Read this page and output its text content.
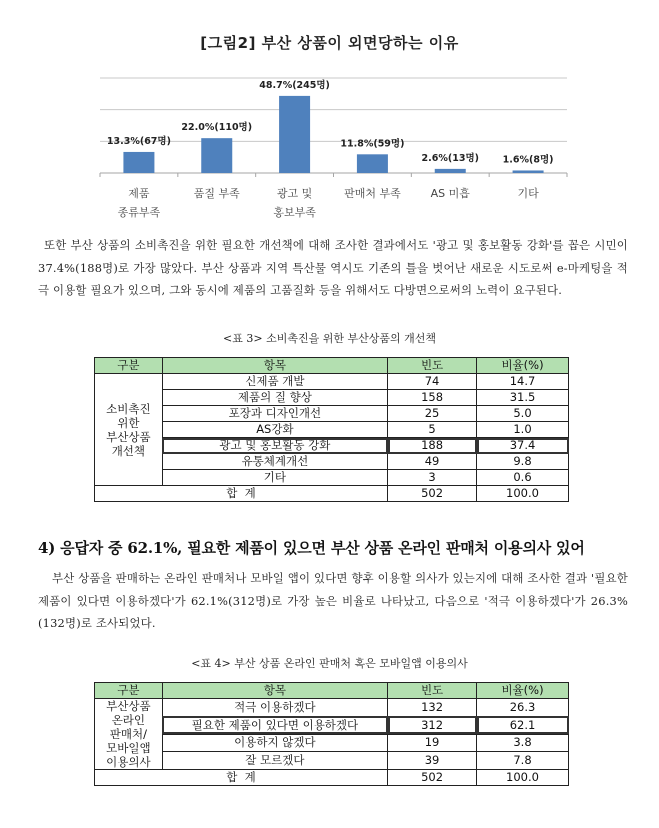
[그림2] 부산 상품이 외면당하는 이유
13.3%(67명)
제품
종류부족
22.0%(110명)
품질 부족
48.7%(245명)
광고 및
홍보부족
11.8%(59명)
판매처 부족
2.6%(13명)
AS 미흡
1.6%(8명)
기타
또한 부산 상품의 소비촉진을 위한 필요한 개선책에 대해 조사한 결과에서도 '광고 및 홍보활동 강화'를 꼽은 시민이 37.4%(188명)로 가장 많았다. 부산 상품과 지역 특산물 역시도 기존의 틀을 벗어난 새로운 시도로써 e-마케팅을 적극 이용할 필요가 있으며, 그와 동시에 제품의 고품질화 등을 위해서도 다방면으로써의 노력이 요구된다.
<표 3> 소비촉진을 위한 부산상품의 개선책
구분	항목	빈도	비율(%)

소비촉진
위한
부산상품
개선책	신제품 개발	74	14.7
	제품의 질 향상	158	31.5
	포장과 디자인개선	25	5.0
	AS강화	5	1.0
	광고 및 홍보활동 강화	188	37.4
	유통체계개선	49	9.8
	기타	3	0.6
합  계		502	100.0
4) 응답자 중 62.1%, 필요한 제품이 있으면 부산 상품 온라인 판매처 이용의사 있어
부산 상품을 판매하는 온라인 판매처나 모바일 앱이 있다면 향후 이용할 의사가 있는지에 대해 조사한 결과 '필요한 제품이 있다면 이용하겠다'가 62.1%(312명)로 가장 높은 비율로 나타났고, 다음으로 '적극 이용하겠다'가 26.3%(132명)로 조사되었다.
<표 4> 부산 상품 온라인 판매처 혹은 모바일앱 이용의사
구분	항목	빈도	비율(%)

부산상품
온라인
판매처/
모바일앱
이용의사	적극 이용하겠다	132	26.3
	필요한 제품이 있다면 이용하겠다	312	62.1
	이용하지 않겠다	19	3.8
	잘 모르겠다	39	7.8
합  계		502	100.0
